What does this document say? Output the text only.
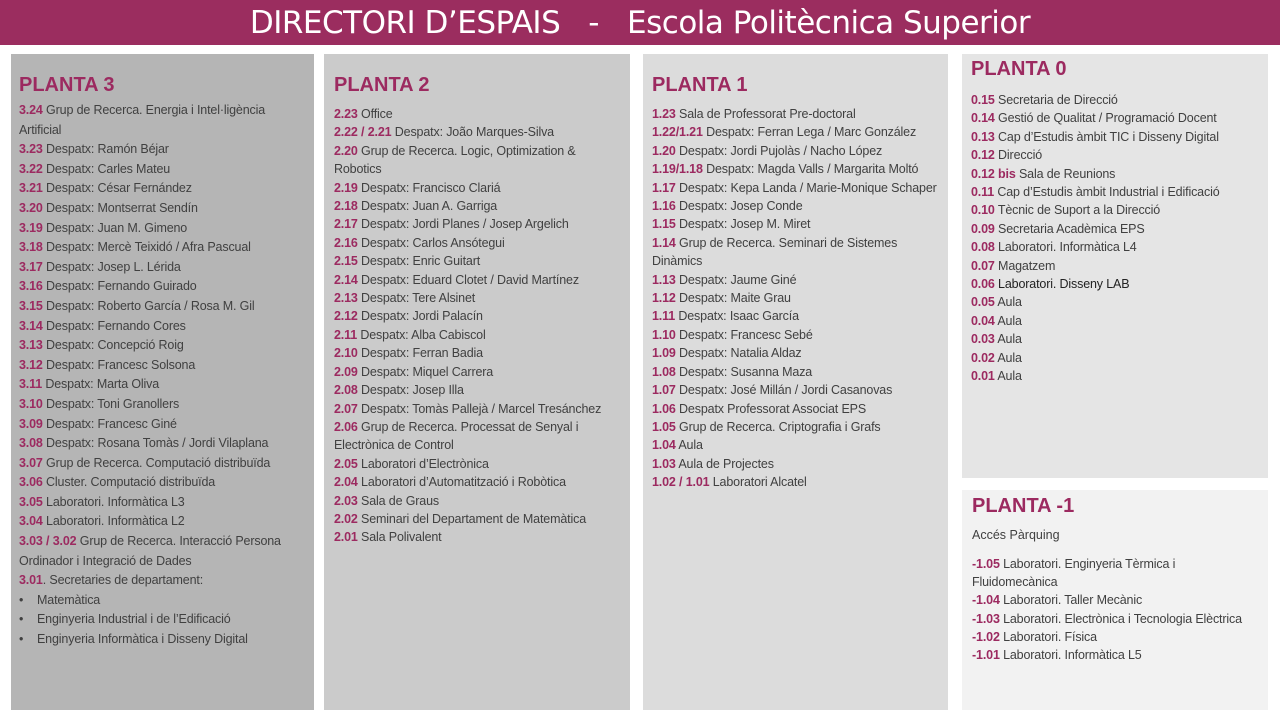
DIRECTORI D’ESPAIS   -   Escola Politècnica Superior
PLANTA 3
3.24 Grup de Recerca. Energia i Intel·ligència Artificial
3.23 Despatx: Ramón Béjar
3.22 Despatx: Carles Mateu
3.21 Despatx: César Fernández
3.20 Despatx: Montserrat Sendín
3.19 Despatx: Juan M. Gimeno
3.18 Despatx: Mercè Teixidó / Afra Pascual
3.17 Despatx: Josep L. Lérida
3.16 Despatx: Fernando Guirado
3.15 Despatx: Roberto García / Rosa M. Gil
3.14 Despatx: Fernando Cores
3.13 Despatx: Concepció Roig
3.12 Despatx: Francesc Solsona
3.11 Despatx: Marta Oliva
3.10 Despatx: Toni Granollers
3.09 Despatx: Francesc Giné
3.08 Despatx: Rosana Tomàs / Jordi Vilaplana
3.07 Grup de Recerca. Computació distribuïda
3.06 Cluster. Computació distribuïda
3.05 Laboratori. Informàtica L3
3.04 Laboratori. Informàtica L2
3.03 / 3.02 Grup de Recerca. Interacció Persona Ordinador i Integració de Dades
3.01. Secretaries de departament:
• Matemàtica
• Enginyeria Industrial i de l’Edificació
• Enginyeria Informàtica i Disseny Digital
PLANTA 2
2.23 Office
2.22 / 2.21 Despatx: João Marques-Silva
2.20 Grup de Recerca. Logic, Optimization & Robotics
2.19 Despatx: Francisco Clariá
2.18 Despatx: Juan A. Garriga
2.17 Despatx: Jordi Planes / Josep Argelich
2.16 Despatx: Carlos Ansótegui
2.15 Despatx: Enric Guitart
2.14 Despatx: Eduard Clotet / David Martínez
2.13 Despatx: Tere Alsinet
2.12 Despatx: Jordi Palacín
2.11 Despatx: Alba Cabiscol
2.10 Despatx: Ferran Badia
2.09 Despatx: Miquel Carrera
2.08 Despatx: Josep Illa
2.07 Despatx: Tomàs Pallejà / Marcel Tresánchez
2.06 Grup de Recerca. Processat de Senyal i Electrònica de Control
2.05 Laboratori d’Electrònica
2.04 Laboratori d’Automatització i Robòtica
2.03 Sala de Graus
2.02 Seminari del Departament de Matemàtica
2.01 Sala Polivalent
PLANTA 1
1.23 Sala de Professorat Pre-doctoral
1.22/1.21 Despatx: Ferran Lega / Marc González
1.20 Despatx: Jordi Pujolàs / Nacho López
1.19/1.18 Despatx: Magda Valls / Margarita Moltó
1.17 Despatx: Kepa Landa / Marie-Monique Schaper
1.16 Despatx: Josep Conde
1.15 Despatx: Josep M. Miret
1.14 Grup de Recerca. Seminari de Sistemes Dinàmics
1.13 Despatx: Jaume Giné
1.12 Despatx: Maite Grau
1.11 Despatx: Isaac García
1.10 Despatx: Francesc Sebé
1.09 Despatx: Natalia Aldaz
1.08 Despatx: Susanna Maza
1.07 Despatx: José Millán / Jordi Casanovas
1.06 Despatx Professorat Associat EPS
1.05 Grup de Recerca. Criptografia i Grafs
1.04 Aula
1.03 Aula de Projectes
1.02 / 1.01 Laboratori Alcatel
PLANTA 0
0.15 Secretaria de Direcció
0.14 Gestió de Qualitat / Programació Docent
0.13 Cap d’Estudis àmbit TIC i Disseny Digital
0.12 Direcció
0.12 bis Sala de Reunions
0.11 Cap d’Estudis àmbit Industrial i Edificació
0.10 Tècnic de Suport a la Direcció
0.09 Secretaria Acadèmica EPS
0.08 Laboratori. Informàtica L4
0.07 Magatzem
0.06 Laboratori. Disseny LAB
0.05 Aula
0.04 Aula
0.03 Aula
0.02 Aula
0.01 Aula
PLANTA -1
Accés Pàrquing
-1.05 Laboratori. Enginyeria Tèrmica i Fluidomecànica
-1.04 Laboratori. Taller Mecànic
-1.03 Laboratori. Electrònica i Tecnologia Elèctrica
-1.02 Laboratori. Física
-1.01 Laboratori. Informàtica L5
